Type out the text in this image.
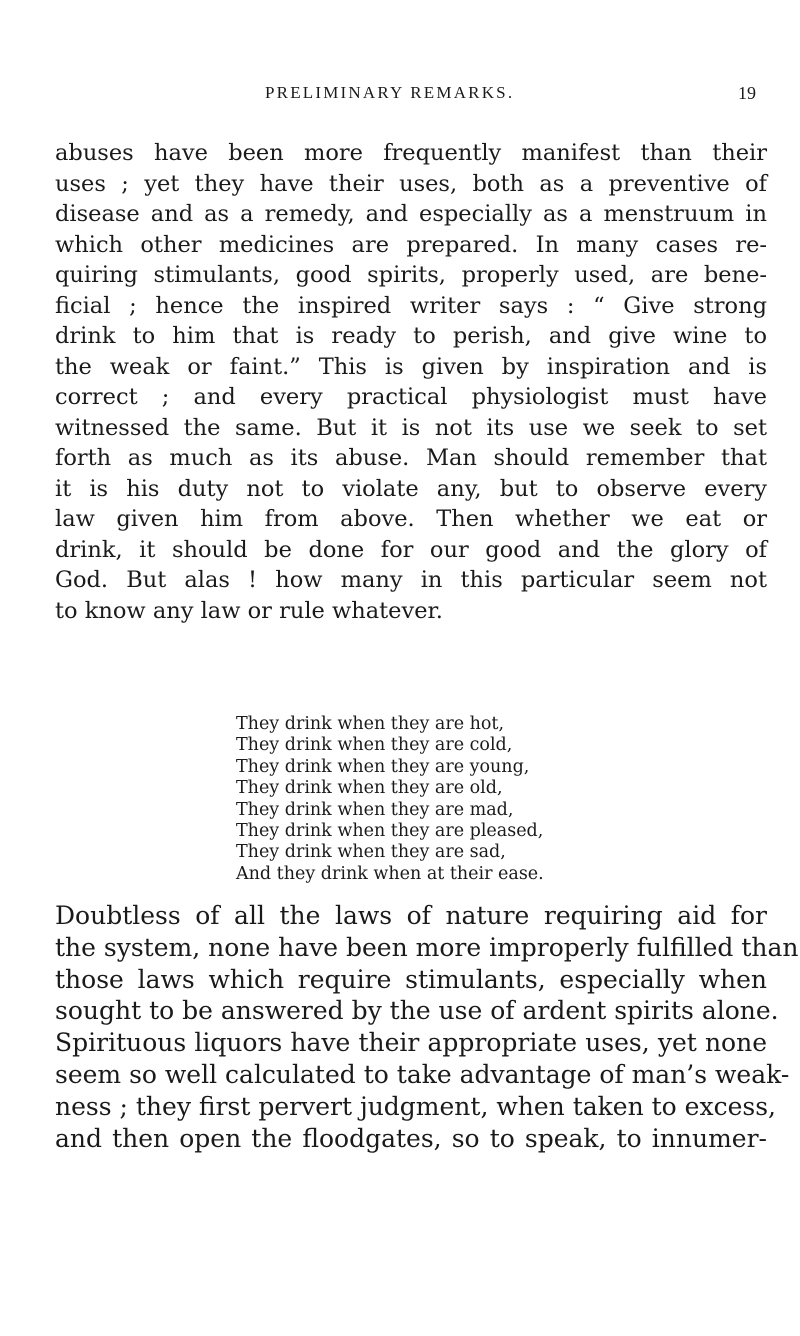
PRELIMINARY REMARKS.	19
abuses have been more frequently manifest than their
uses ; yet they have their uses, both as a preventive of
disease and as a remedy, and especially as a menstruum in
which other medicines are prepared. In many cases re-
quiring stimulants, good spirits, properly used, are bene-
ficial ; hence the inspired writer says : “ Give strong
drink to him that is ready to perish, and give wine to
the weak or faint.” This is given by inspiration and is
correct ; and every practical physiologist must have
witnessed the same. But it is not its use we seek to set
forth as much as its abuse. Man should remember that
it is his duty not to violate any, but to observe every
law given him from above. Then whether we eat or
drink, it should be done for our good and the glory of
God. But alas ! how many in this particular seem not
to know any law or rule whatever.
They drink when they are hot,
They drink when they are cold,
They drink when they are young,
They drink when they are old,
They drink when they are mad,
They drink when they are pleased,
They drink when they are sad,
And they drink when at their ease.
Doubtless of all the laws of nature requiring aid for
the system, none have been more improperly fulfilled than
those laws which require stimulants, especially when
sought to be answered by the use of ardent spirits alone.
Spirituous liquors have their appropriate uses, yet none
seem so well calculated to take advantage of man’s weak-
ness ; they first pervert judgment, when taken to excess,
and then open the floodgates, so to speak, to innumer-
